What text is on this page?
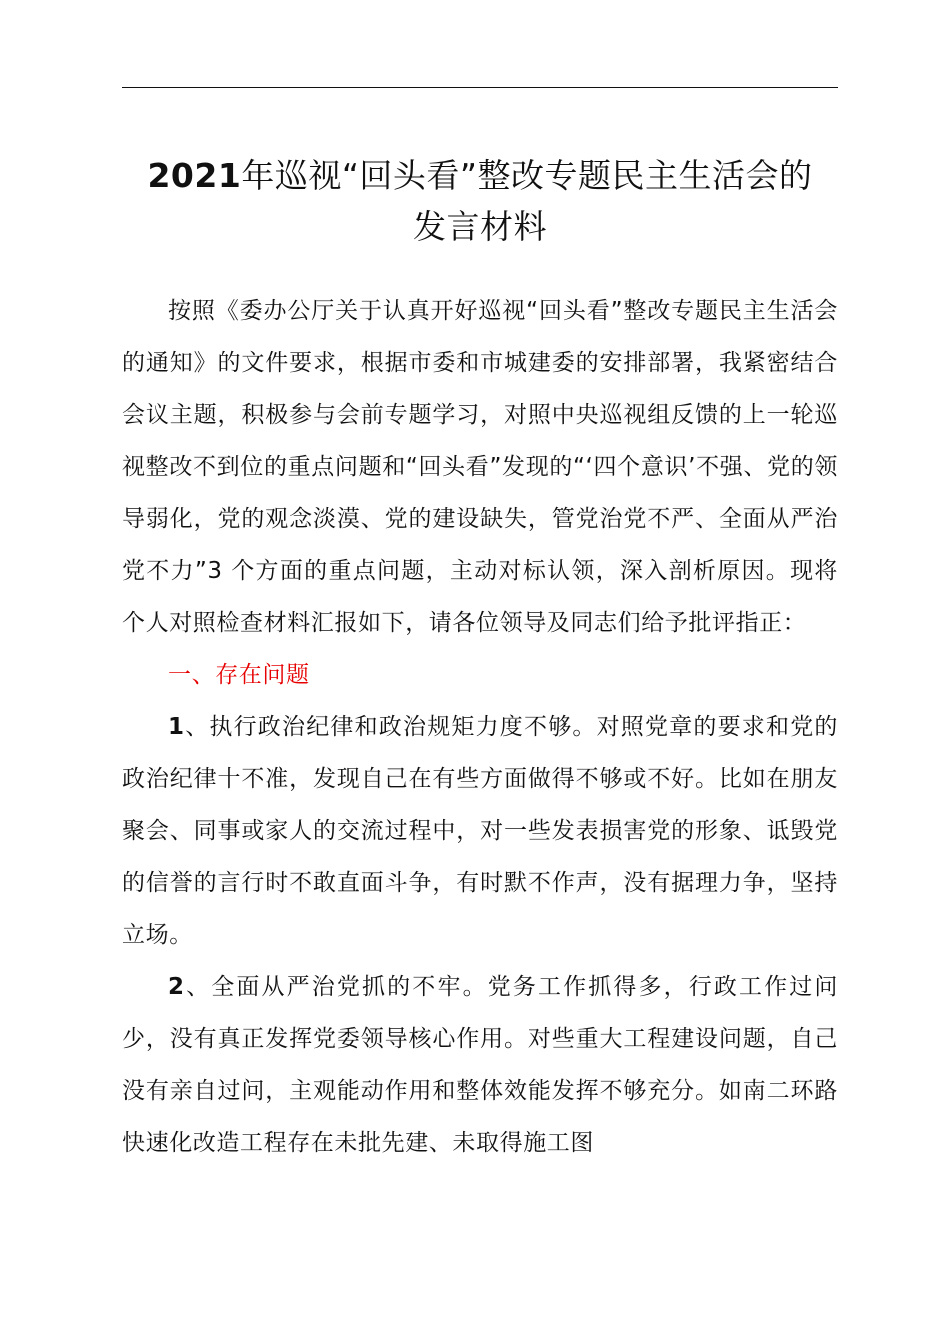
2021年巡视“回头看”整改专题民主生活会的
发言材料

按照《委办公厅关于认真开好巡视“回头看”整改专题民主生活会的通知》的文件要求，根据市委和市城建委的安排部署，我紧密结合会议主题，积极参与会前专题学习，对照中央巡视组反馈的上一轮巡视整改不到位的重点问题和“回头看”发现的“‘四个意识’不强、党的领导弱化，党的观念淡漠、党的建设缺失，管党治党不严、全面从严治党不力”3 个方面的重点问题，主动对标认领，深入剖析原因。现将个人对照检查材料汇报如下，请各位领导及同志们给予批评指正：

一、存在问题

1、执行政治纪律和政治规矩力度不够。对照党章的要求和党的政治纪律十不准，发现自己在有些方面做得不够或不好。比如在朋友聚会、同事或家人的交流过程中，对一些发表损害党的形象、诋毁党的信誉的言行时不敢直面斗争，有时默不作声，没有据理力争，坚持立场。

2、全面从严治党抓的不牢。党务工作抓得多，行政工作过问少，没有真正发挥党委领导核心作用。对些重大工程建设问题，自己没有亲自过问，主观能动作用和整体效能发挥不够充分。如南二环路快速化改造工程存在未批先建、未取得施工图
